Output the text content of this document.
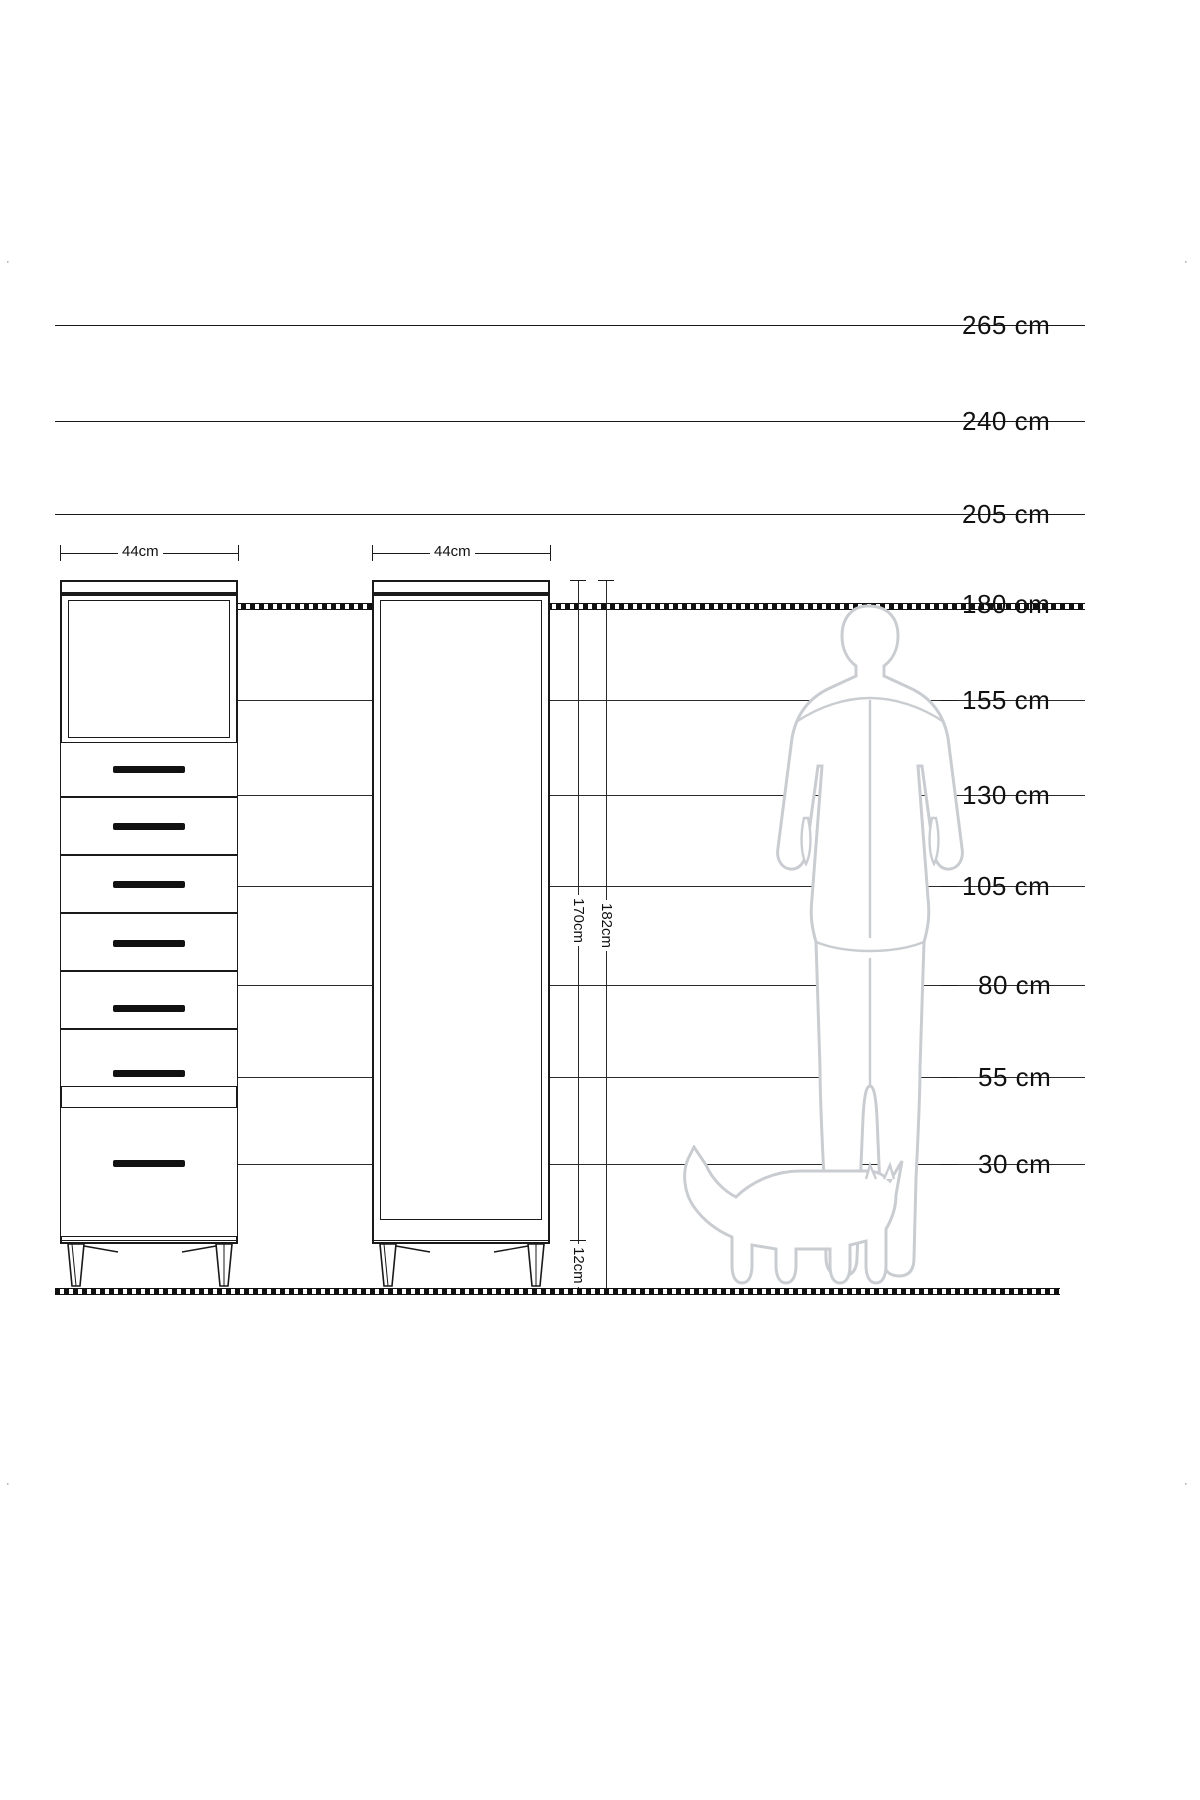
·	·
·	·
265 cm
240 cm
205 cm
180 cm
155 cm
130 cm
105 cm
80 cm
55 cm
30 cm
44cm	44cm
170cm 182cm
12cm
